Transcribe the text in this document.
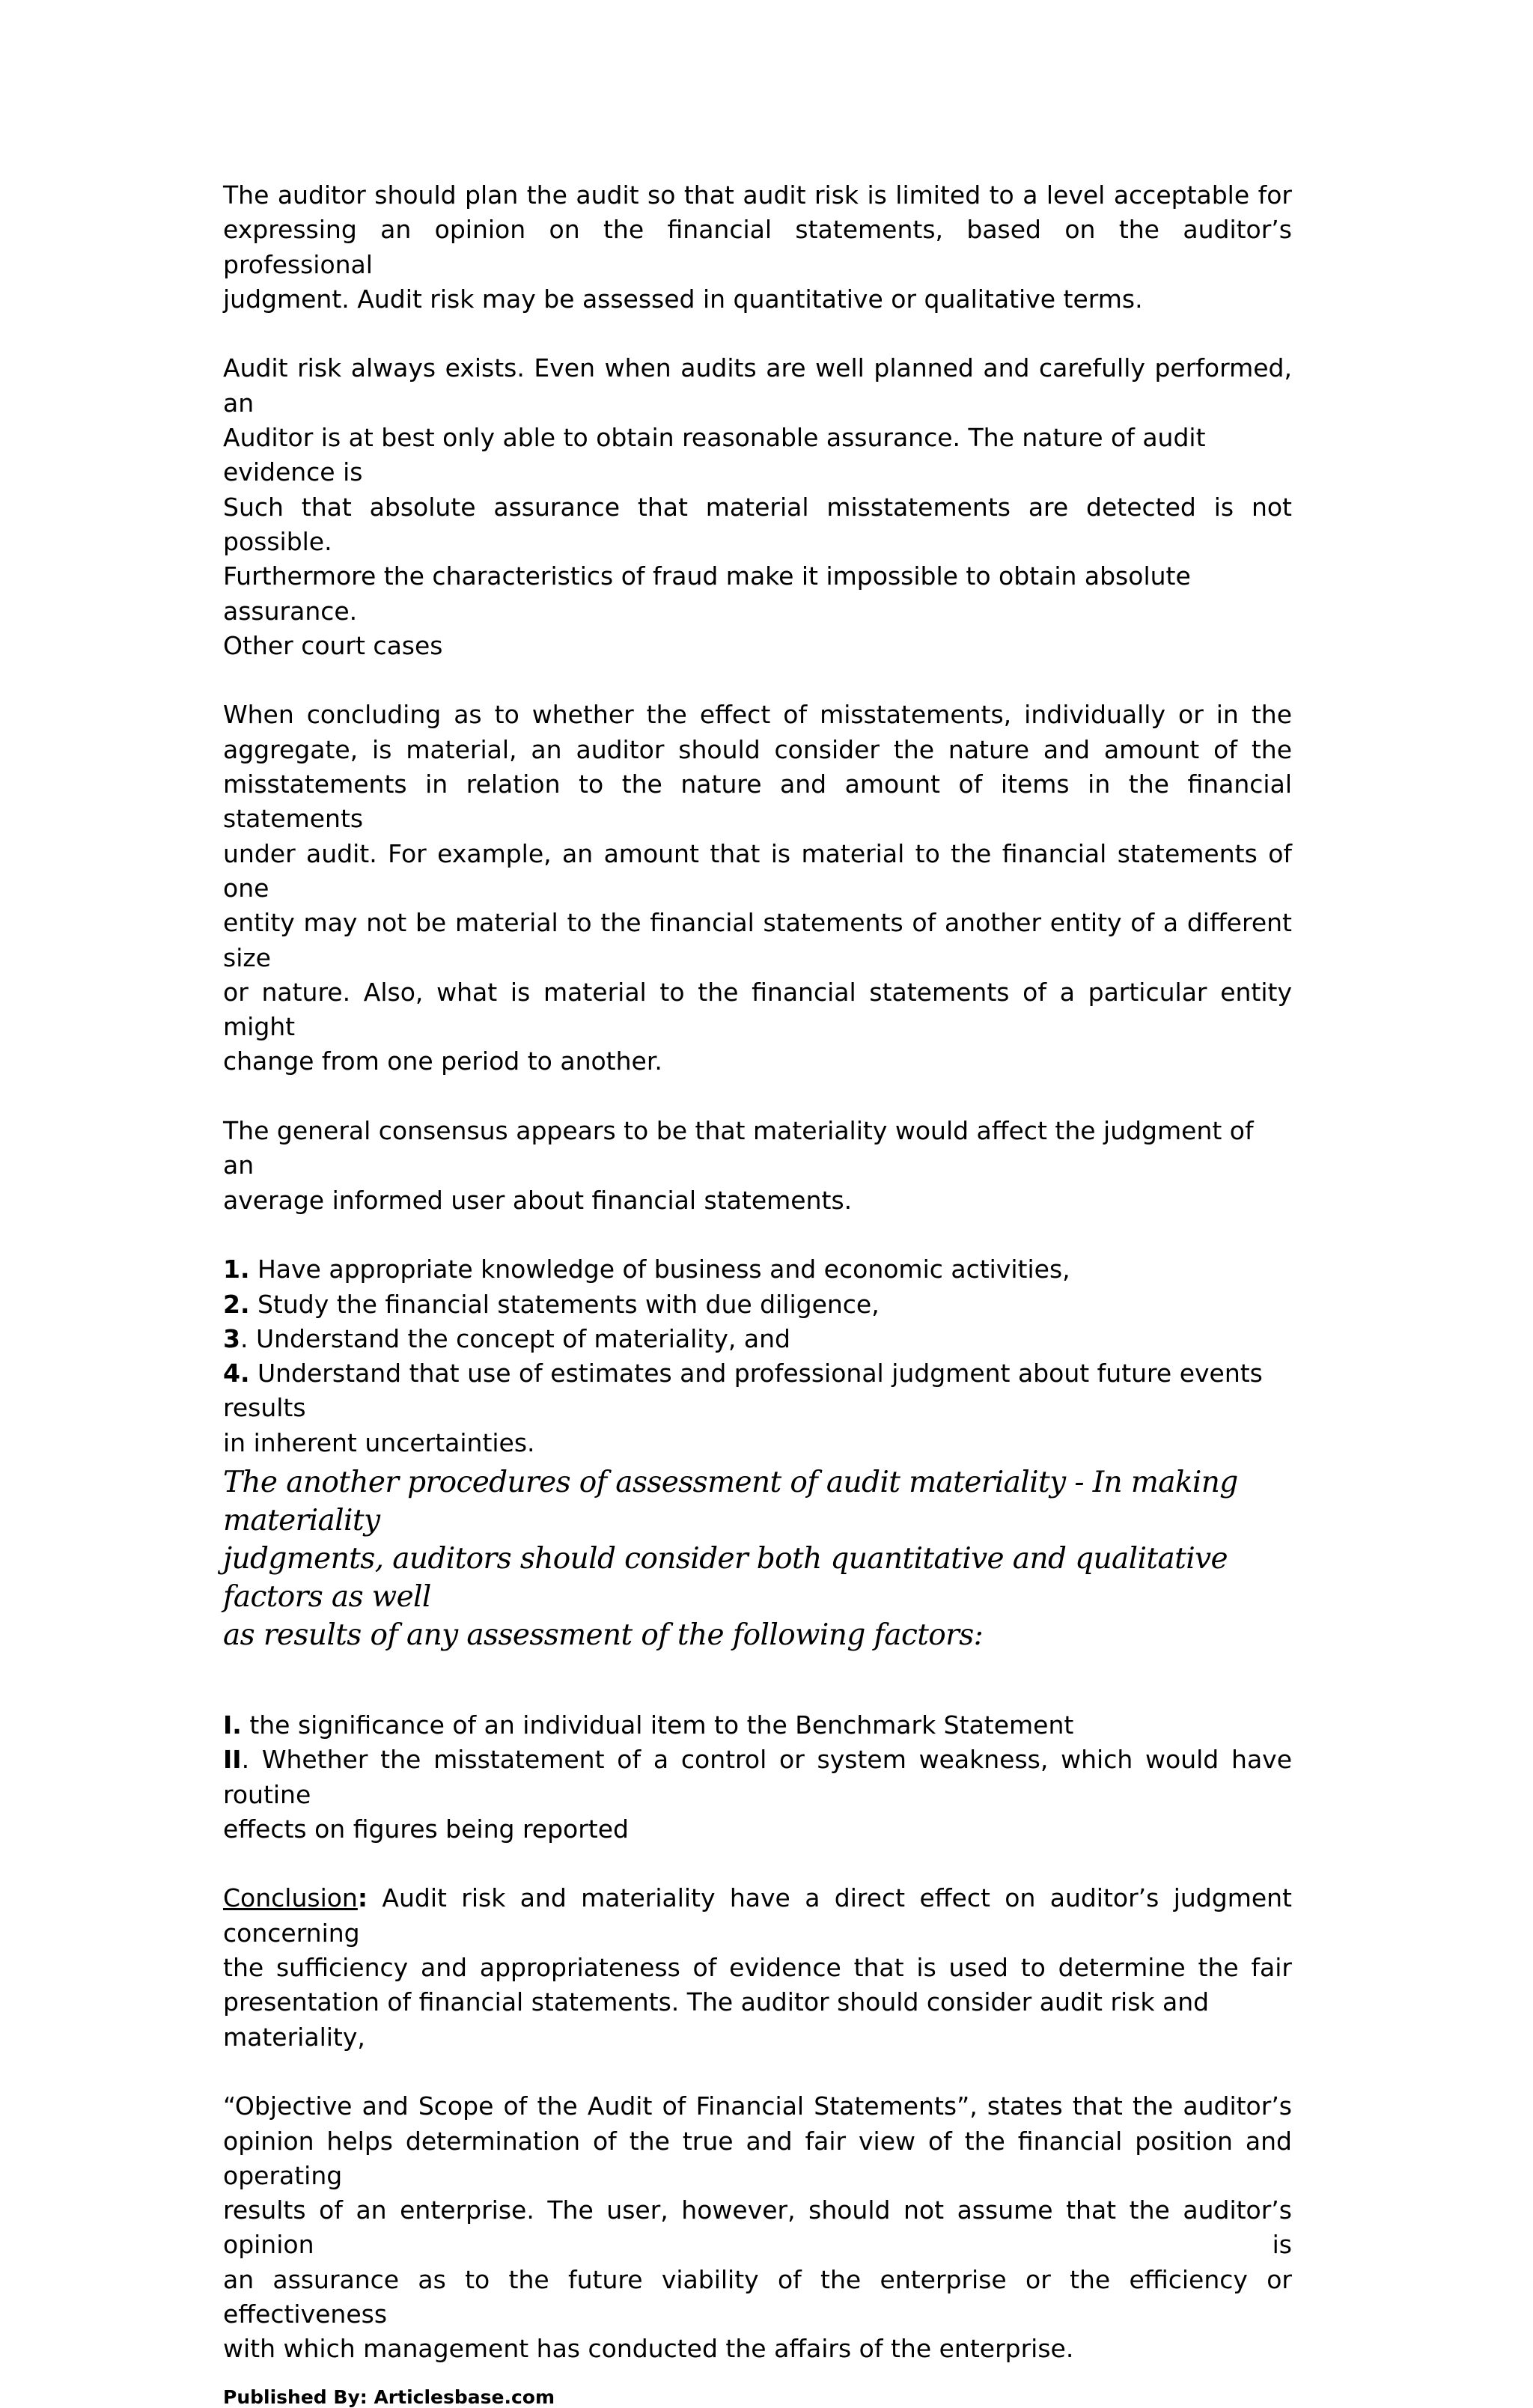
The auditor should plan the audit so that audit risk is limited to a level acceptable for
expressing an opinion on the financial statements, based on the auditor’s professional
judgment. Audit risk may be assessed in quantitative or qualitative terms.
Audit risk always exists. Even when audits are well planned and carefully performed, an
Auditor is at best only able to obtain reasonable assurance. The nature of audit evidence is
Such that absolute assurance that material misstatements are detected is not possible.
Furthermore the characteristics of fraud make it impossible to obtain absolute assurance.
Other court cases
When concluding as to whether the effect of misstatements, individually or in the
aggregate, is material, an auditor should consider the nature and amount of the
misstatements in relation to the nature and amount of items in the financial statements
under audit. For example, an amount that is material to the financial statements of one
entity may not be material to the financial statements of another entity of a different size
or nature. Also, what is material to the financial statements of a particular entity might
change from one period to another.
The general consensus appears to be that materiality would affect the judgment of an
average informed user about financial statements.
1. Have appropriate knowledge of business and economic activities,
2. Study the financial statements with due diligence,
3. Understand the concept of materiality, and
4. Understand that use of estimates and professional judgment about future events results
in inherent uncertainties.
The another procedures of assessment of audit materiality - In making materiality
judgments, auditors should consider both quantitative and qualitative factors as well
as results of any assessment of the following factors:
I. the significance of an individual item to the Benchmark Statement
II. Whether the misstatement of a control or system weakness, which would have routine
effects on figures being reported
Conclusion: Audit risk and materiality have a direct effect on auditor’s judgment concerning
the sufficiency and appropriateness of evidence that is used to determine the fair
presentation of financial statements. The auditor should consider audit risk and materiality,
“Objective and Scope of the Audit of Financial Statements”, states that the auditor’s
opinion helps determination of the true and fair view of the financial position and operating
results of an enterprise. The user, however, should not assume that the auditor’s opinion is
an assurance as to the future viability of the enterprise or the efficiency or effectiveness
with which management has conducted the affairs of the enterprise.
Published By: Articlesbase.com
